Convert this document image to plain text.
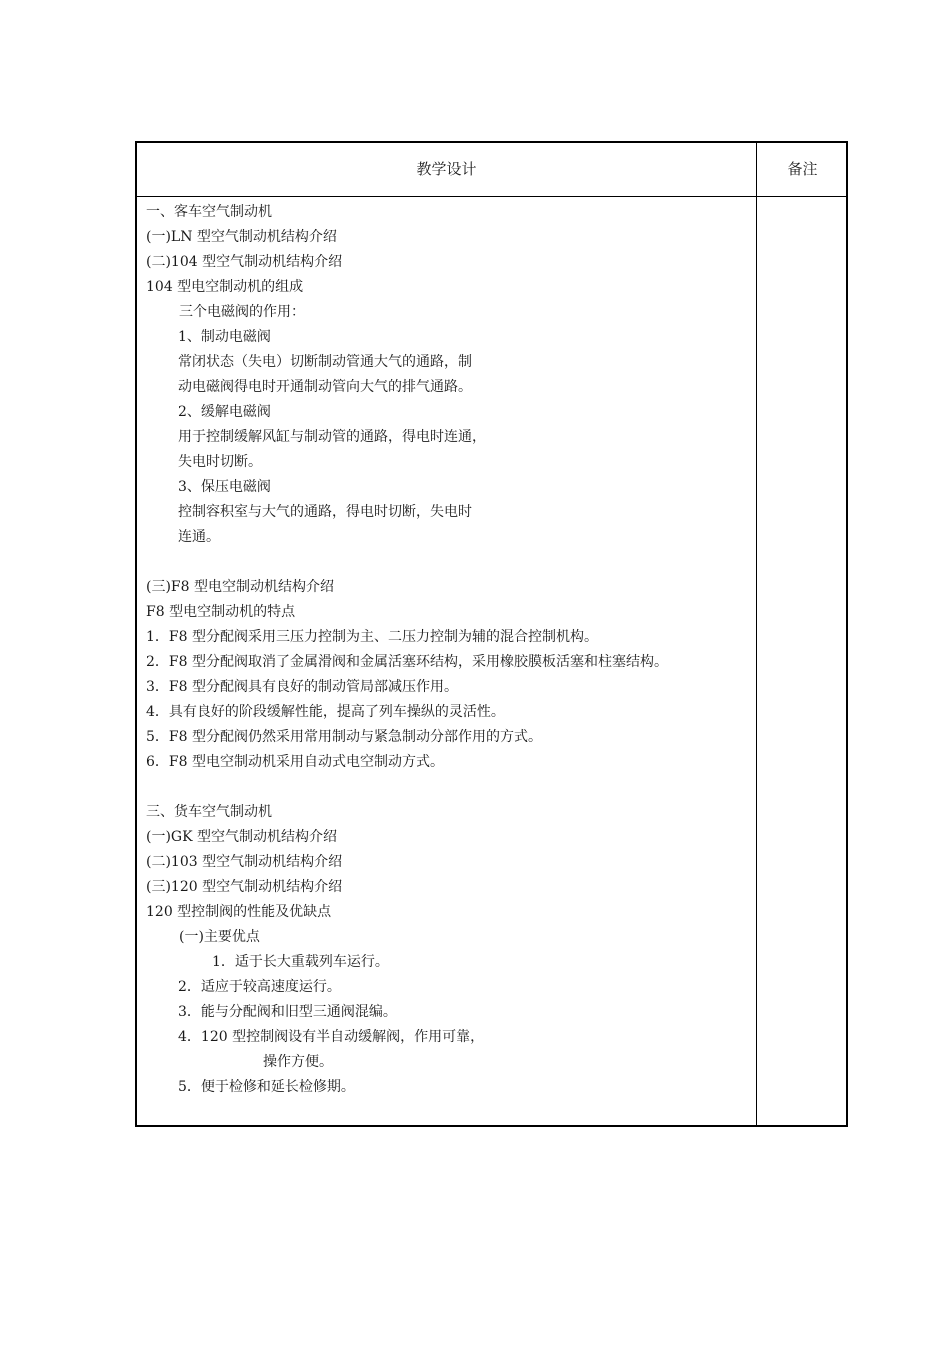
教学设计	备注
一、客车空气制动机
(一)LN 型空气制动机结构介绍
(二)104 型空气制动机结构介绍
104 型电空制动机的组成
三个电磁阀的作用：
1、制动电磁阀
常闭状态（失电）切断制动管通大气的通路，制
动电磁阀得电时开通制动管向大气的排气通路。
2、缓解电磁阀
用于控制缓解风缸与制动管的通路，得电时连通，
失电时切断。
3、保压电磁阀
控制容积室与大气的通路，得电时切断，失电时
连通。
(三)F8 型电空制动机结构介绍
F8 型电空制动机的特点
1．F8 型分配阀采用三压力控制为主、二压力控制为辅的混合控制机构。
2．F8 型分配阀取消了金属滑阀和金属活塞环结构，采用橡胶膜板活塞和柱塞结构。
3．F8 型分配阀具有良好的制动管局部减压作用。
4．具有良好的阶段缓解性能，提高了列车操纵的灵活性。
5．F8 型分配阀仍然采用常用制动与紧急制动分部作用的方式。
6．F8 型电空制动机采用自动式电空制动方式。
三、货车空气制动机
(一)GK 型空气制动机结构介绍
(二)103 型空气制动机结构介绍
(三)120 型空气制动机结构介绍
120 型控制阀的性能及优缺点
(一)主要优点
1．适于长大重载列车运行。
2．适应于较高速度运行。
3．能与分配阀和旧型三通阀混编。
4．120 型控制阀设有半自动缓解阀，作用可靠，
操作方便。
5．便于检修和延长检修期。
